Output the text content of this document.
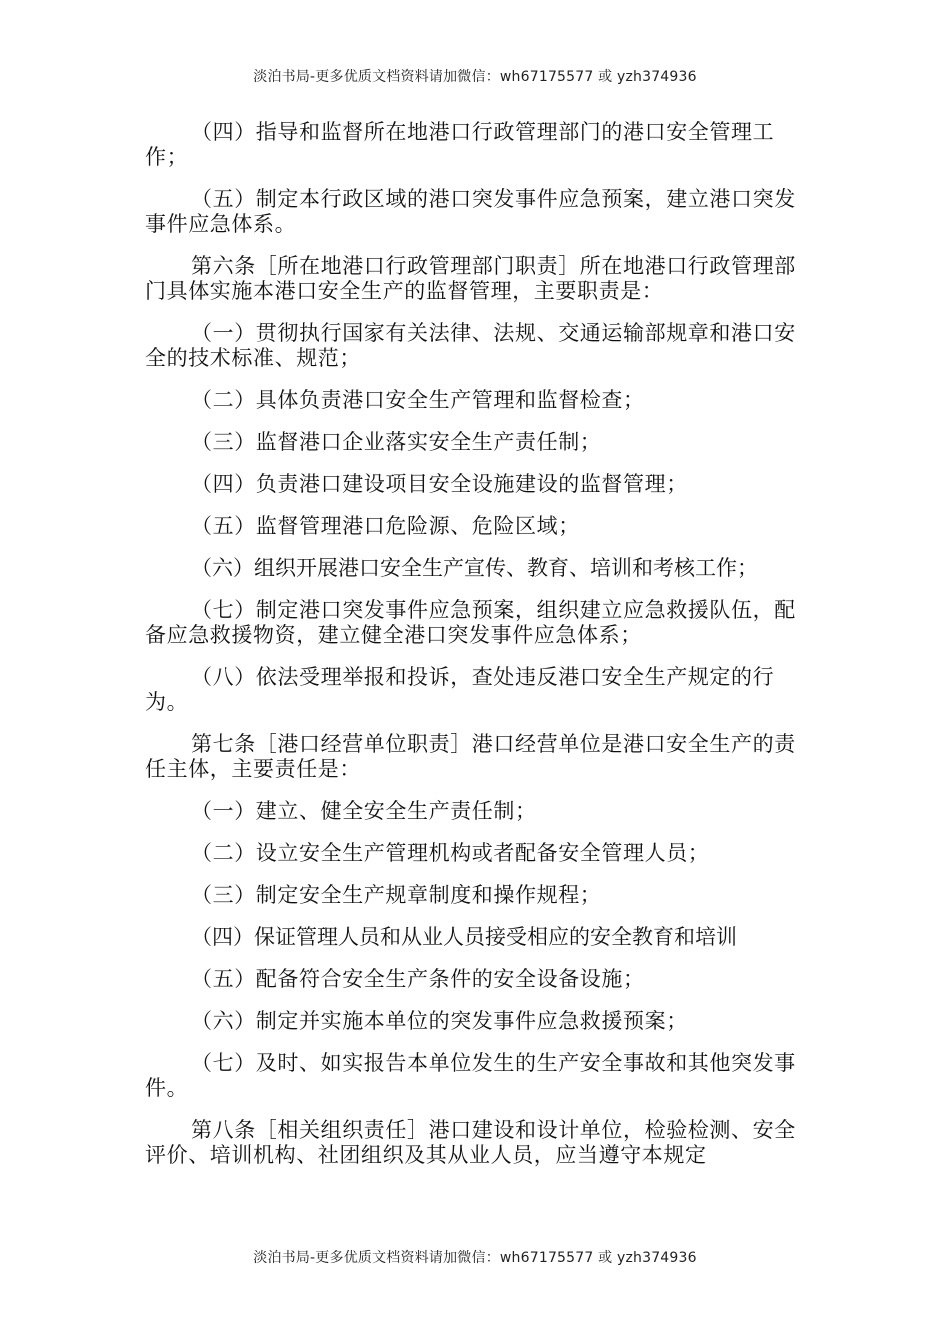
淡泊书局-更多优质文档资料请加微信：wh67175577 或 yzh374936

（四）指导和监督所在地港口行政管理部门的港口安全管理工作；

（五）制定本行政区域的港口突发事件应急预案，建立港口突发事件应急体系。

第六条［所在地港口行政管理部门职责］所在地港口行政管理部门具体实施本港口安全生产的监督管理，主要职责是：

（一）贯彻执行国家有关法律、法规、交通运输部规章和港口安全的技术标准、规范；

（二）具体负责港口安全生产管理和监督检查；

（三）监督港口企业落实安全生产责任制；

（四）负责港口建设项目安全设施建设的监督管理；

（五）监督管理港口危险源、危险区域；

（六）组织开展港口安全生产宣传、教育、培训和考核工作；

（七）制定港口突发事件应急预案，组织建立应急救援队伍，配备应急救援物资，建立健全港口突发事件应急体系；

（八）依法受理举报和投诉，查处违反港口安全生产规定的行为。

第七条［港口经营单位职责］港口经营单位是港口安全生产的责任主体，主要责任是：

（一）建立、健全安全生产责任制；

（二）设立安全生产管理机构或者配备安全管理人员；

（三）制定安全生产规章制度和操作规程；

（四）保证管理人员和从业人员接受相应的安全教育和培训

（五）配备符合安全生产条件的安全设备设施；

（六）制定并实施本单位的突发事件应急救援预案；

（七）及时、如实报告本单位发生的生产安全事故和其他突发事件。

第八条［相关组织责任］港口建设和设计单位，检验检测、安全评价、培训机构、社团组织及其从业人员，应当遵守本规定

淡泊书局-更多优质文档资料请加微信：wh67175577 或 yzh374936
